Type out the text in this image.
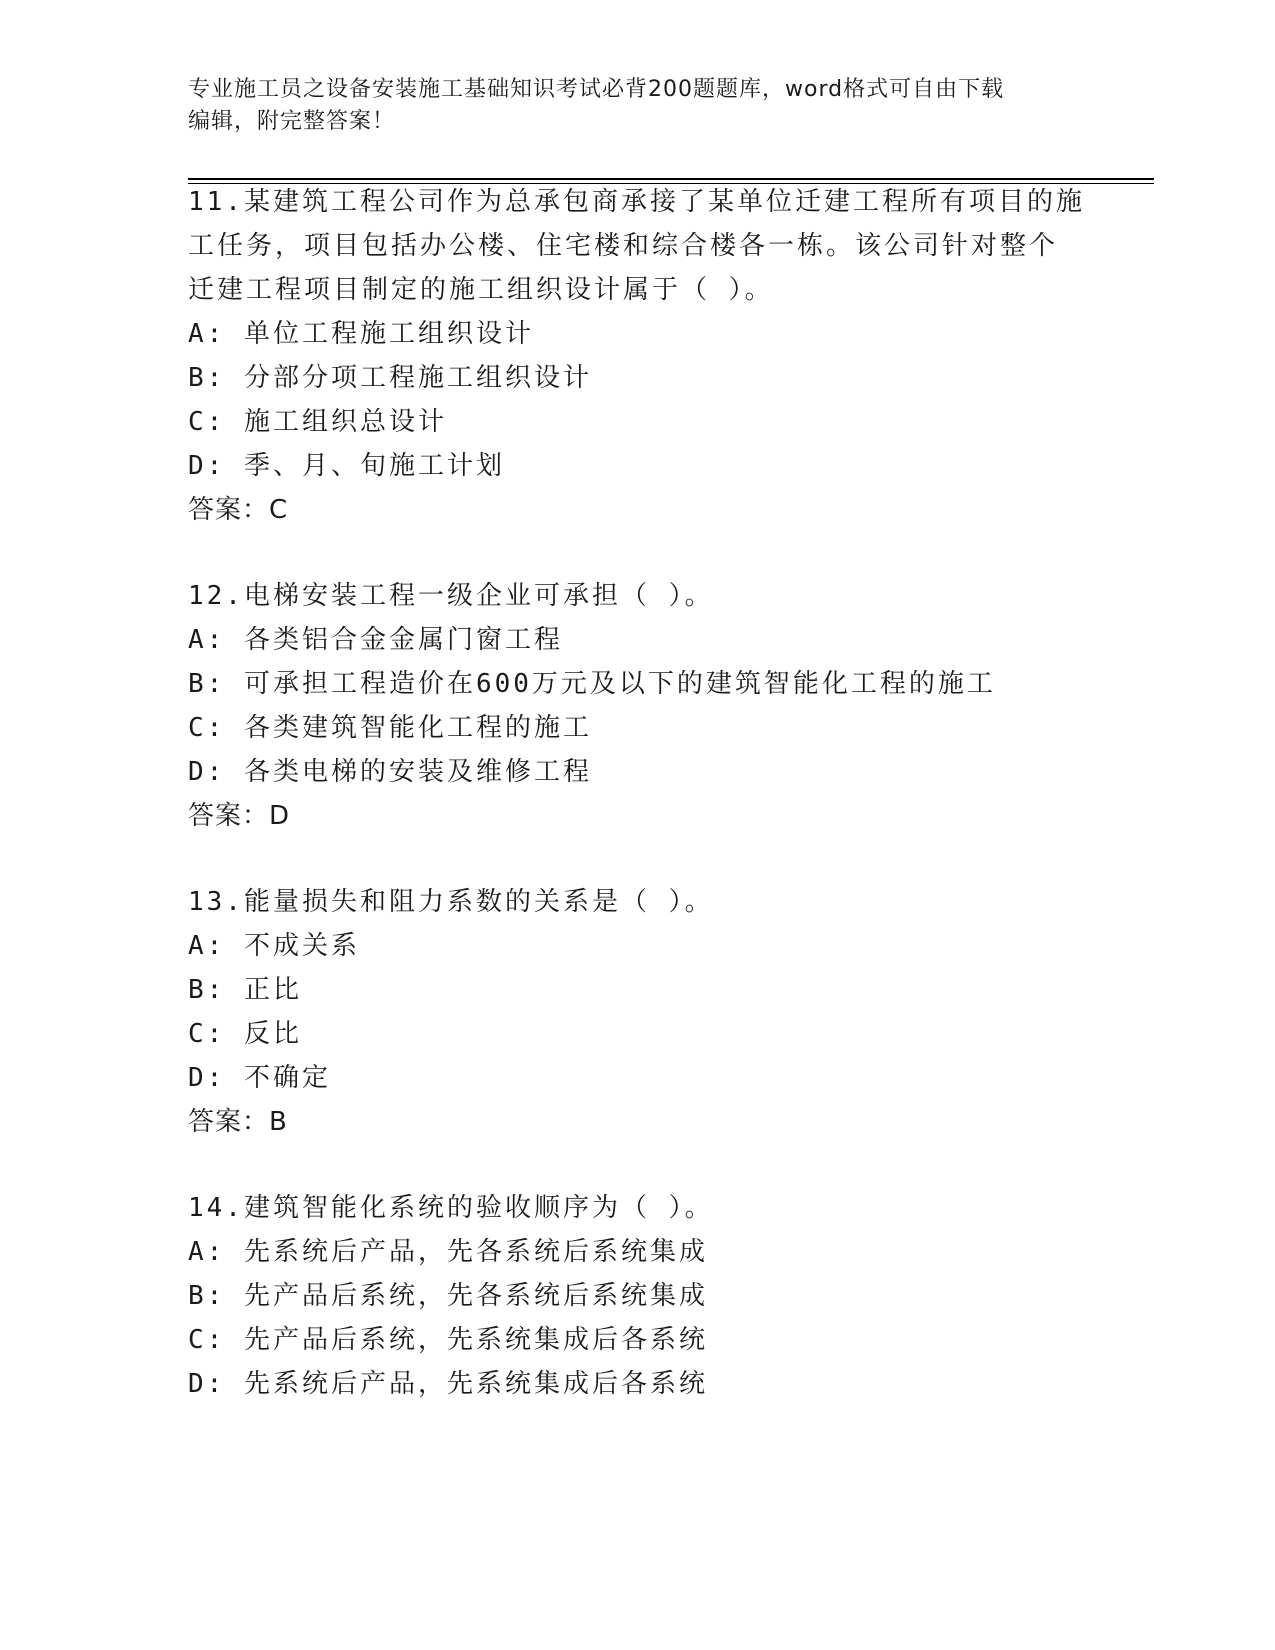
专业施工员之设备安装施工基础知识考试必背200题题库，word格式可自由下载
编辑，附完整答案！
11.某建筑工程公司作为总承包商承接了某单位迁建工程所有项目的施
工任务，项目包括办公楼、住宅楼和综合楼各一栋。该公司针对整个
迁建工程项目制定的施工组织设计属于（ ）。
A: 单位工程施工组织设计
B: 分部分项工程施工组织设计
C: 施工组织总设计
D: 季、月、旬施工计划
答案：C
12.电梯安装工程一级企业可承担（ ）。
A: 各类铝合金金属门窗工程
B: 可承担工程造价在600万元及以下的建筑智能化工程的施工
C: 各类建筑智能化工程的施工
D: 各类电梯的安装及维修工程
答案：D
13.能量损失和阻力系数的关系是（ ）。
A: 不成关系
B: 正比
C: 反比
D: 不确定
答案：B
14.建筑智能化系统的验收顺序为（ ）。
A: 先系统后产品，先各系统后系统集成
B: 先产品后系统，先各系统后系统集成
C: 先产品后系统，先系统集成后各系统
D: 先系统后产品，先系统集成后各系统
